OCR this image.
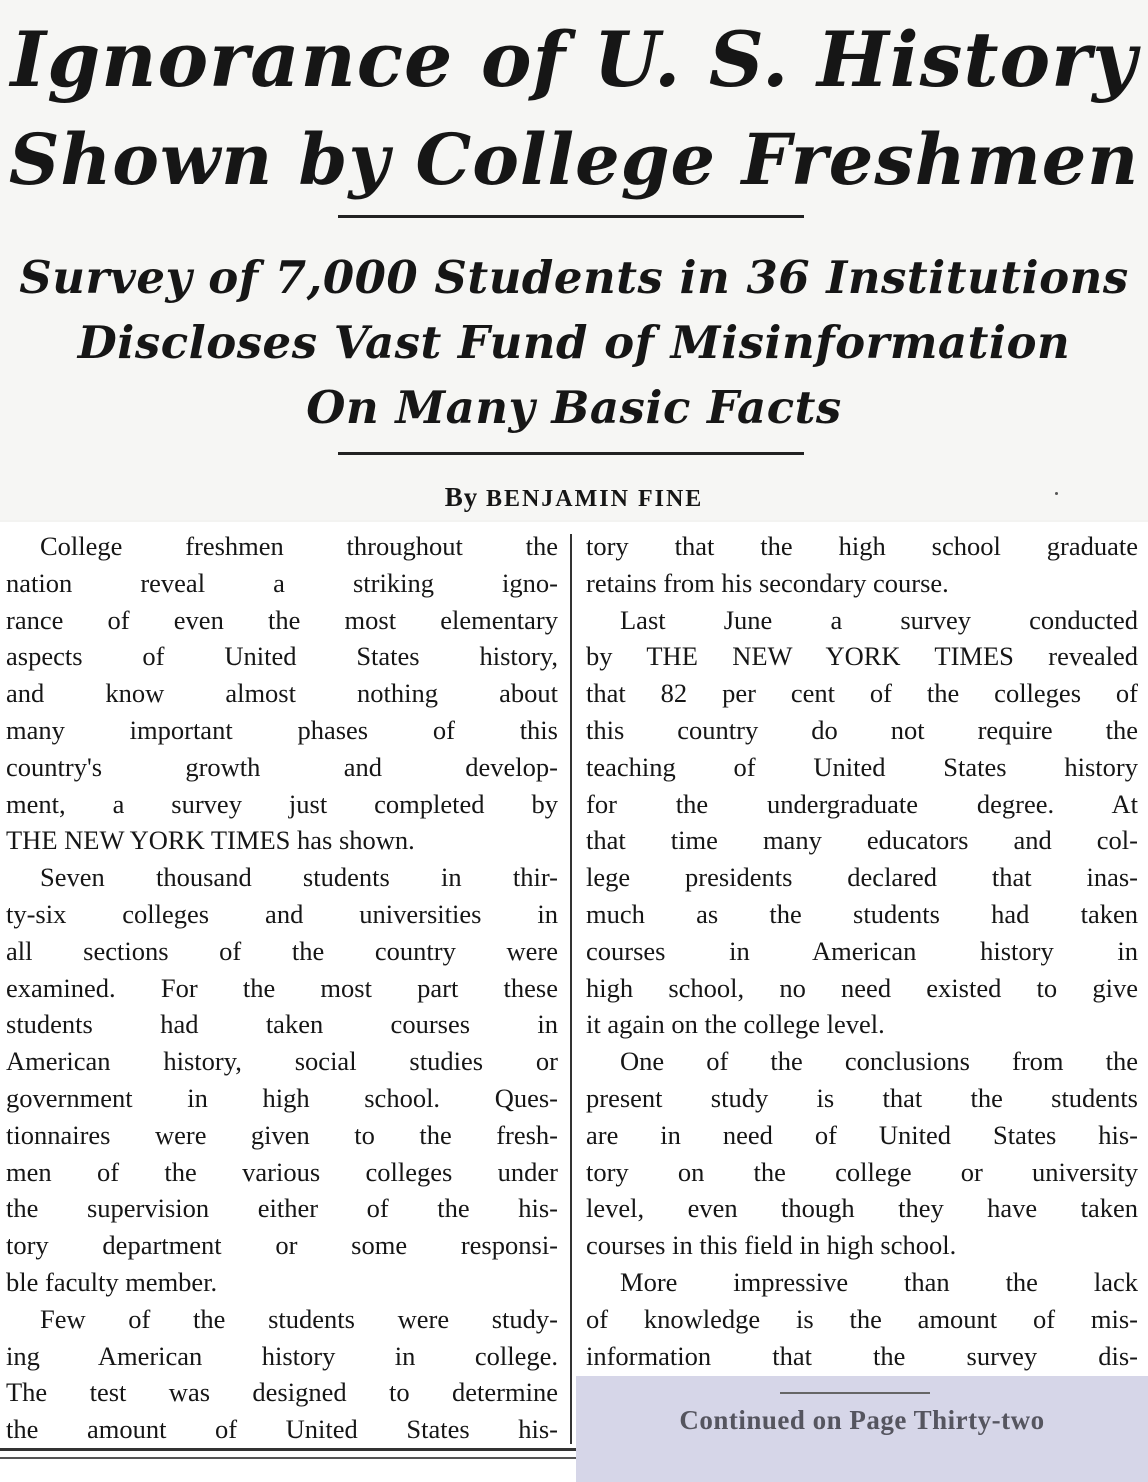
Ignorance of U. S. History
Shown by College Freshmen
Survey of 7,000 Students in 36 Institutions
Discloses Vast Fund of Misinformation
On Many Basic Facts
By BENJAMIN FINE
College freshmen throughout the
nation reveal a striking igno-
rance of even the most elementary
aspects of United States history,
and know almost nothing about
many important phases of this
country's growth and develop-
ment, a survey just completed by
THE NEW YORK TIMES has shown.
Seven thousand students in thir-
ty-six colleges and universities in
all sections of the country were
examined. For the most part these
students had taken courses in
American history, social studies or
government in high school. Ques-
tionnaires were given to the fresh-
men of the various colleges under
the supervision either of the his-
tory department or some responsi-
ble faculty member.
Few of the students were study-
ing American history in college.
The test was designed to determine
the amount of United States his-
tory that the high school graduate
retains from his secondary course.
Last June a survey conducted
by THE NEW YORK TIMES revealed
that 82 per cent of the colleges of
this country do not require the
teaching of United States history
for the undergraduate degree. At
that time many educators and col-
lege presidents declared that inas-
much as the students had taken
courses in American history in
high school, no need existed to give
it again on the college level.
One of the conclusions from the
present study is that the students
are in need of United States his-
tory on the college or university
level, even though they have taken
courses in this field in high school.
More impressive than the lack
of knowledge is the amount of mis-
information that the survey dis-
Continued on Page Thirty-two
